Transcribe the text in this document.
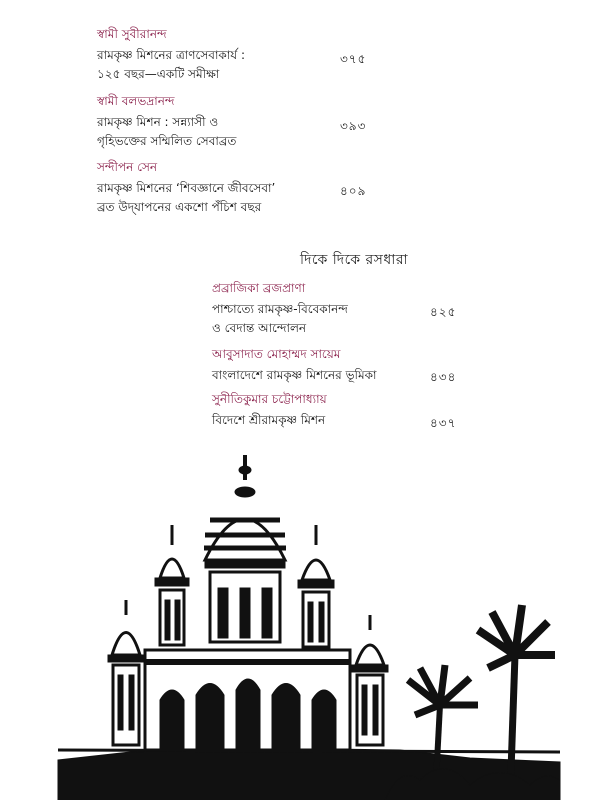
স্বামী সুবীরানন্দ
রামকৃষ্ণ মিশনের ত্রাণসেবাকার্য :
১২৫ বছর—একটি সমীক্ষা
৩৭৫
স্বামী বলভদ্রানন্দ
রামকৃষ্ণ মিশন : সন্ন্যাসী ও
গৃহিভক্তের সম্মিলিত সেবাব্রত
৩৯৩
সন্দীপন সেন
রামকৃষ্ণ মিশনের ‘শিবজ্ঞানে জীবসেবা’
ব্রত উদ্‌যাপনের একশো পঁচিশ বছর
৪০৯
দিকে দিকে রসধারা
প্রব্রাজিকা ব্রজপ্রাণা
পাশ্চাত্যে রামকৃষ্ণ-বিবেকানন্দ
ও বেদান্ত আন্দোলন
৪২৫
আবুসাদাত মোহাম্মদ সায়েম
বাংলাদেশে রামকৃষ্ণ মিশনের ভূমিকা	৪৩৪
সুনীতিকুমার চট্টোপাধ্যায়
বিদেশে শ্রীরামকৃষ্ণ মিশন	৪৩৭
